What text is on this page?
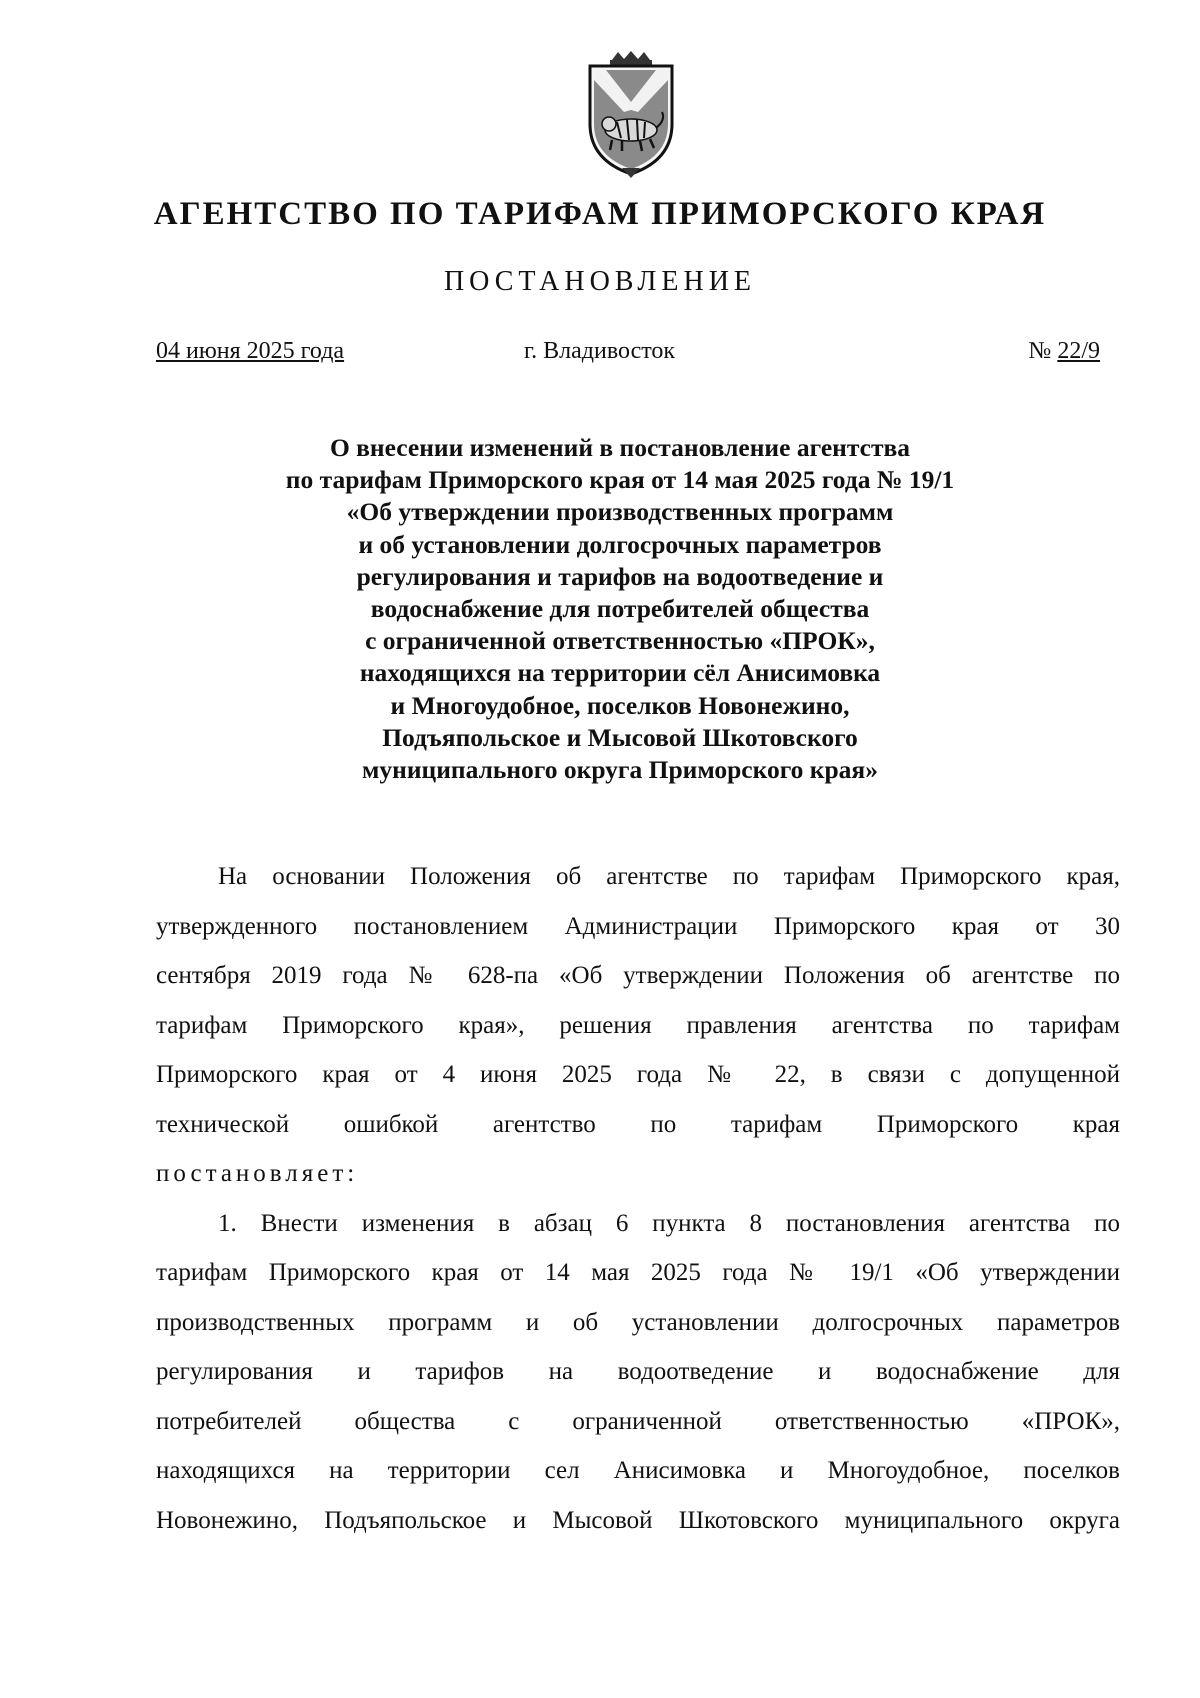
АГЕНТСТВО ПО ТАРИФАМ ПРИМОРСКОГО КРАЯ
ПОСТАНОВЛЕНИЕ
04 июня 2025 года	г. Владивосток	№ 22/9
О внесении изменений в постановление агентства
по тарифам Приморского края от 14 мая 2025 года № 19/1
«Об утверждении производственных программ
и об установлении долгосрочных параметров
регулирования и тарифов на водоотведение и
водоснабжение для потребителей общества
с ограниченной ответственностью «ПРОК»,
находящихся на территории сёл Анисимовка
и Многоудобное, поселков Новонежино,
Подъяпольское и Мысовой Шкотовского
муниципального округа Приморского края»
На основании Положения об агентстве по тарифам Приморского края,
утвержденного постановлением Администрации Приморского края от 30
сентября 2019 года № 628-па «Об утверждении Положения об агентстве по
тарифам Приморского края», решения правления агентства по тарифам
Приморского края от 4 июня 2025 года № 22, в связи с допущенной
технической ошибкой агентство по тарифам Приморского края
постановляет:
1. Внести изменения в абзац 6 пункта 8 постановления агентства по
тарифам Приморского края от 14 мая 2025 года № 19/1 «Об утверждении
производственных программ и об установлении долгосрочных параметров
регулирования и тарифов на водоотведение и водоснабжение для
потребителей общества с ограниченной ответственностью «ПРОК»,
находящихся на территории сел Анисимовка и Многоудобное, поселков
Новонежино, Подъяпольское и Мысовой Шкотовского муниципального округа
